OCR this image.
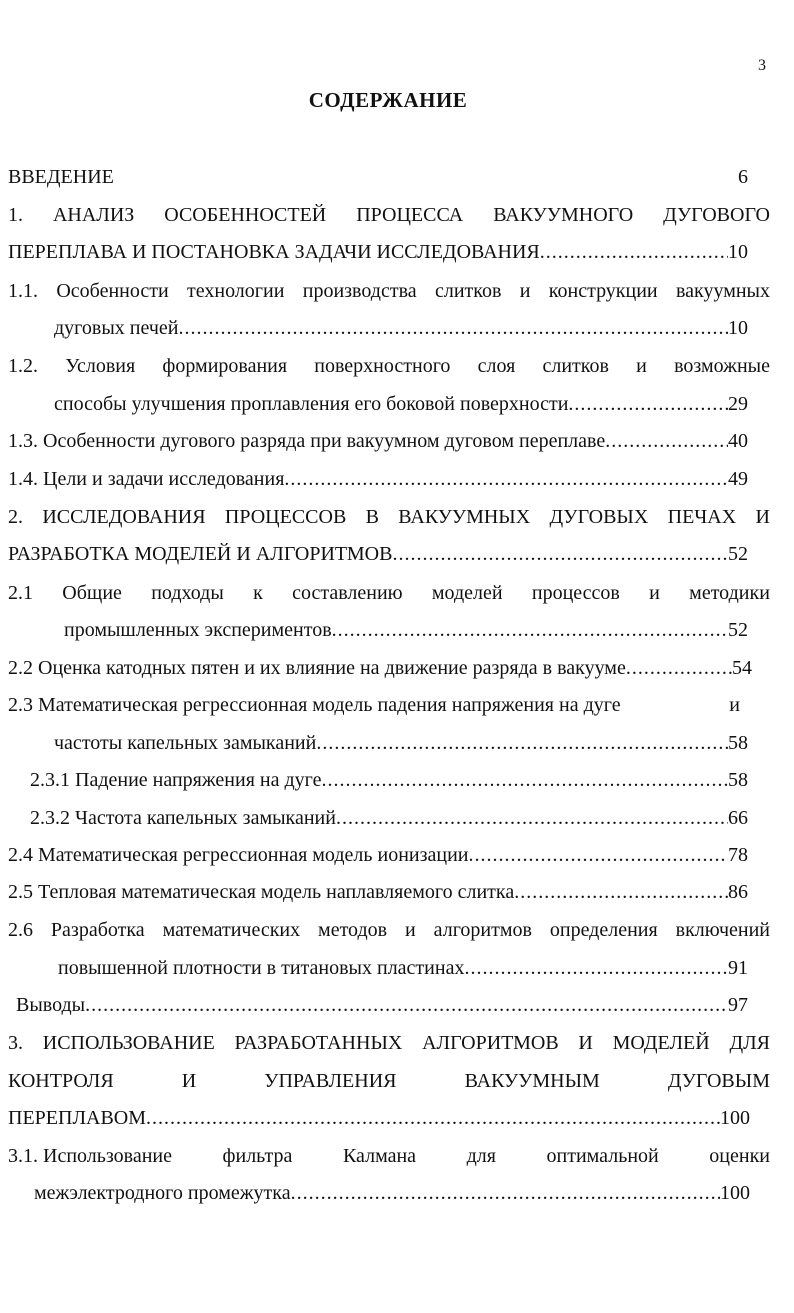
3
СОДЕРЖАНИЕ
ВВЕДЕНИЕ	6
1. АНАЛИЗ ОСОБЕННОСТЕЙ ПРОЦЕССА ВАКУУМНОГО ДУГОВОГО
ПЕРЕПЛАВА И ПОСТАНОВКА ЗАДАЧИ ИССЛЕДОВАНИЯ .....	10
1.1. Особенности технологии производства слитков и конструкции вакуумных
дуговых печей .....	10
1.2. Условия формирования поверхностного слоя слитков и возможные
способы улучшения проплавления его боковой поверхности .....	29
1.3. Особенности дугового разряда при вакуумном дуговом переплаве .....	40
1.4. Цели и задачи исследования .....	49
2. ИССЛЕДОВАНИЯ ПРОЦЕССОВ В ВАКУУМНЫХ ДУГОВЫХ ПЕЧАХ И
РАЗРАБОТКА МОДЕЛЕЙ И АЛГОРИТМОВ .....	52
2.1 Общие подходы к составлению моделей процессов и методики
промышленных экспериментов .....	52
2.2 Оценка катодных пятен и их влияние на движение разряда в вакууме .....	54
2.3 Математическая регрессионная модель падения напряжения на дуге	и
частоты капельных замыканий .....	58
2.3.1 Падение напряжения на дуге .....	58
2.3.2 Частота капельных замыканий .....	66
2.4 Математическая регрессионная модель ионизации .....	78
2.5 Тепловая математическая модель наплавляемого слитка .....	86
2.6 Разработка математических методов и алгоритмов определения включений
повышенной плотности в титановых пластинах .....	91
Выводы .....	97
3. ИСПОЛЬЗОВАНИЕ РАЗРАБОТАННЫХ АЛГОРИТМОВ И МОДЕЛЕЙ ДЛЯ
КОНТРОЛЯ	И	УПРАВЛЕНИЯ	ВАКУУМНЫМ	ДУГОВЫМ
ПЕРЕПЛАВОМ .....	100
3.1. Использование	фильтра	Калмана	для	оптимальной	оценки
межэлектродного промежутка .....	100
